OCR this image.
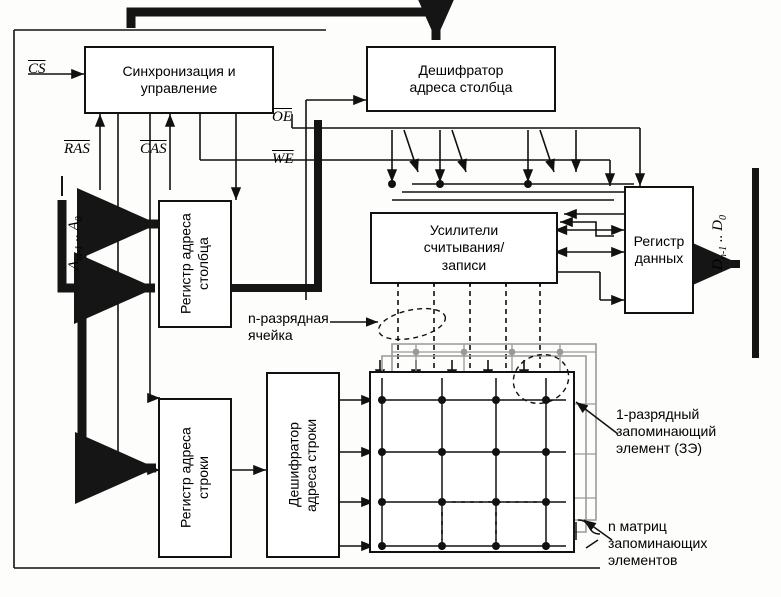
Синхронизация и
управление
Дешифратор
адреса столбца
Регистр адреса
столбца
Регистр адреса
строки	Дешифратор
адреса строки
Усилители
считывания/
записи
Регистр
данных
$\overline{CS}$
$\overline{OE}$
$\overline{WE}$
$\overline{RAS}$	$\overline{CAS}$
$A_{m-1}$ .. $A_0$
$D_{n-1}$ .. $D_0$
n-разрядная
ячейка
1-разрядный
запоминающий
элемент (ЗЭ)
n матриц
запоминающих
элементов
